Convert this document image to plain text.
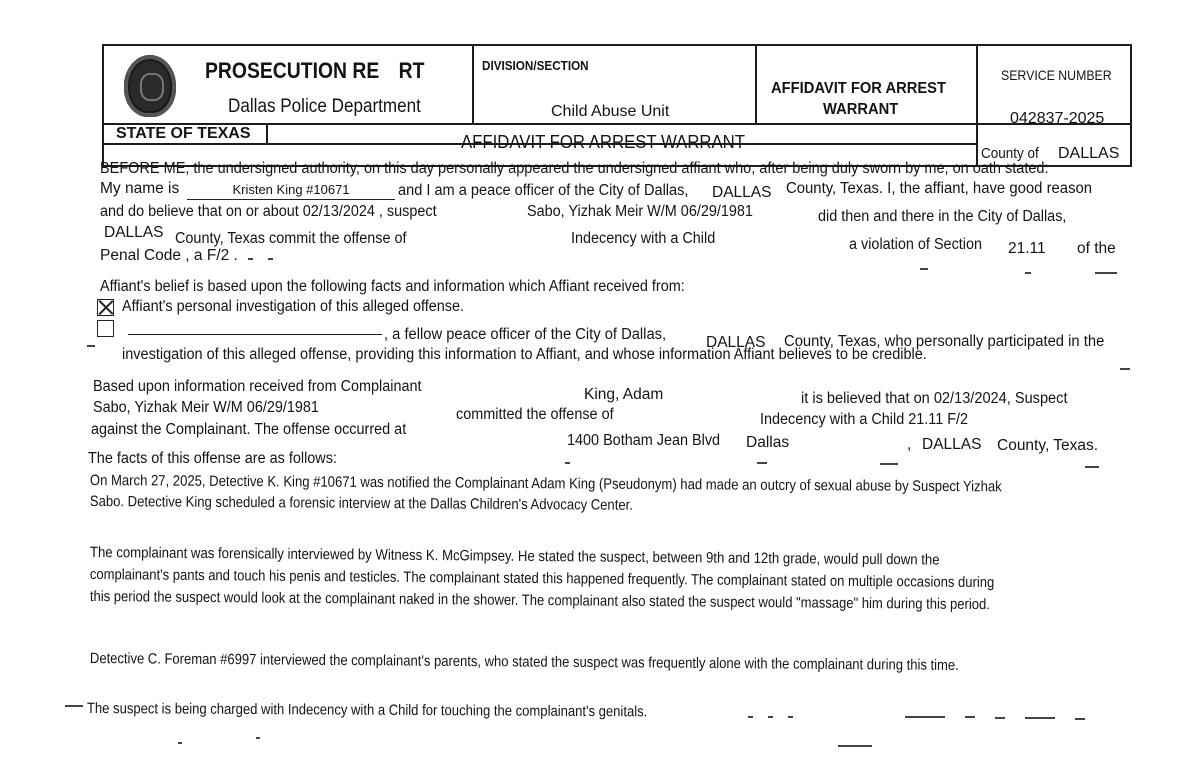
PROSECUTION RE RT
Dallas Police Department
DIVISION/SECTION
Child Abuse Unit
AFFIDAVIT FOR ARREST
WARRANT
SERVICE NUMBER
042837-2025
STATE OF TEXAS	AFFIDAVIT FOR ARREST WARRANT
County of DALLAS
BEFORE ME, the undersigned authority, on this day personally appeared the undersigned affiant who, after being duly sworn by me, on oath stated:
My name is	Kristen King #10671	and I am a peace officer of the City of Dallas, DALLAS County, Texas. I, the affiant, have good reason
and do believe that on or about 02/13/2024 , suspect	Sabo, Yizhak Meir W/M 06/29/1981	did then and there in the City of Dallas,
DALLAS County, Texas commit the offense of	Indecency with a Child	a violation of Section 21.11 of the
Penal Code , a F/2 .
Affiant's belief is based upon the following facts and information which Affiant received from:
Affiant's personal investigation of this alleged offense.
, a fellow peace officer of the City of Dallas,	DALLAS County, Texas, who personally participated in the
investigation of this alleged offense, providing this information to Affiant, and whose information Affiant believes to be credible.
Based upon information received from Complainant	King, Adam	it is believed that on 02/13/2024, Suspect
Sabo, Yizhak Meir W/M 06/29/1981	committed the offense of	Indecency with a Child 21.11 F/2
against the Complainant. The offense occurred at
1400 Botham Jean Blvd Dallas	, DALLAS County, Texas.
The facts of this offense are as follows:
On March 27, 2025, Detective K. King #10671 was notified the Complainant Adam King (Pseudonym) had made an outcry of sexual abuse by Suspect Yizhak
Sabo. Detective King scheduled a forensic interview at the Dallas Children's Advocacy Center.
The complainant was forensically interviewed by Witness K. McGimpsey. He stated the suspect, between 9th and 12th grade, would pull down the
complainant's pants and touch his penis and testicles. The complainant stated this happened frequently. The complainant stated on multiple occasions during
this period the suspect would look at the complainant naked in the shower. The complainant also stated the suspect would "massage" him during this period.
Detective C. Foreman #6997 interviewed the complainant's parents, who stated the suspect was frequently alone with the complainant during this time.
The suspect is being charged with Indecency with a Child for touching the complainant's genitals.
